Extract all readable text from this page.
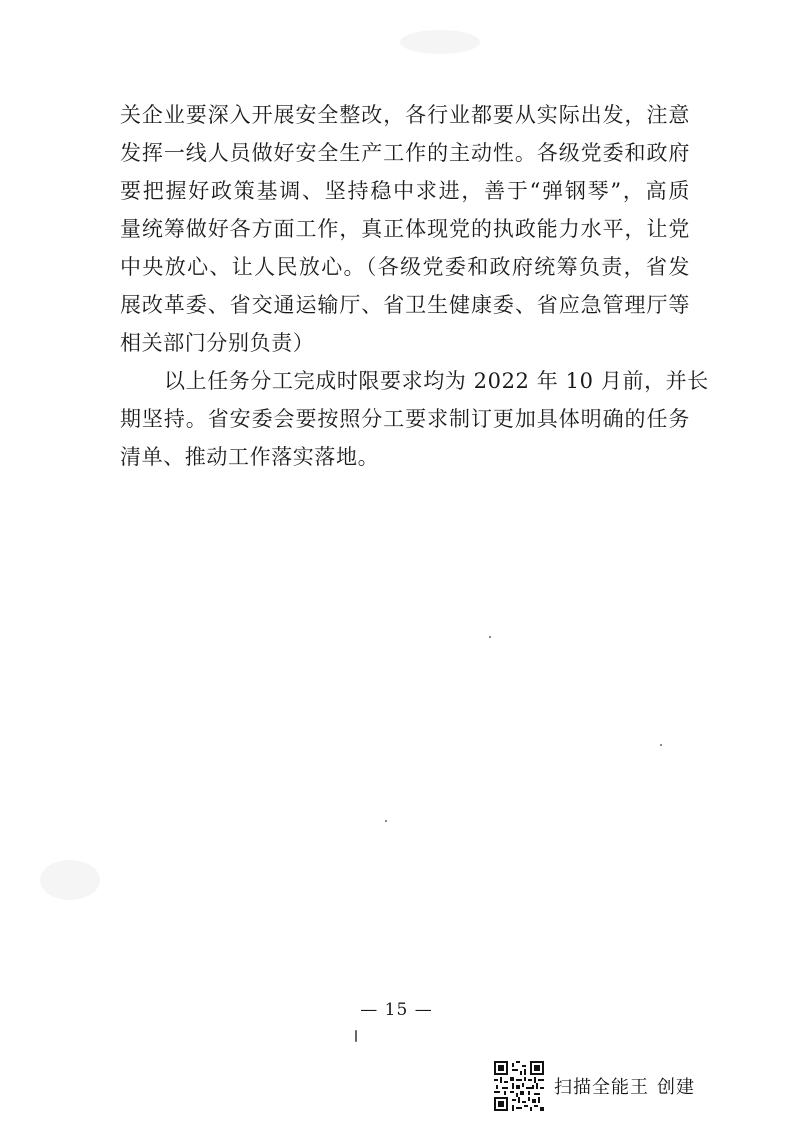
关企业要深入开展安全整改，各行业都要从实际出发，注意
发挥一线人员做好安全生产工作的主动性。各级党委和政府
要把握好政策基调、坚持稳中求进，善于“弹钢琴”，高质
量统筹做好各方面工作，真正体现党的执政能力水平，让党
中央放心、让人民放心。（各级党委和政府统筹负责，省发
展改革委、省交通运输厅、省卫生健康委、省应急管理厅等
相关部门分别负责）
以上任务分工完成时限要求均为 2022 年 10 月前，并长
期坚持。省安委会要按照分工要求制订更加具体明确的任务
清单、推动工作落实落地。
— 15 —
扫描全能王 创建
